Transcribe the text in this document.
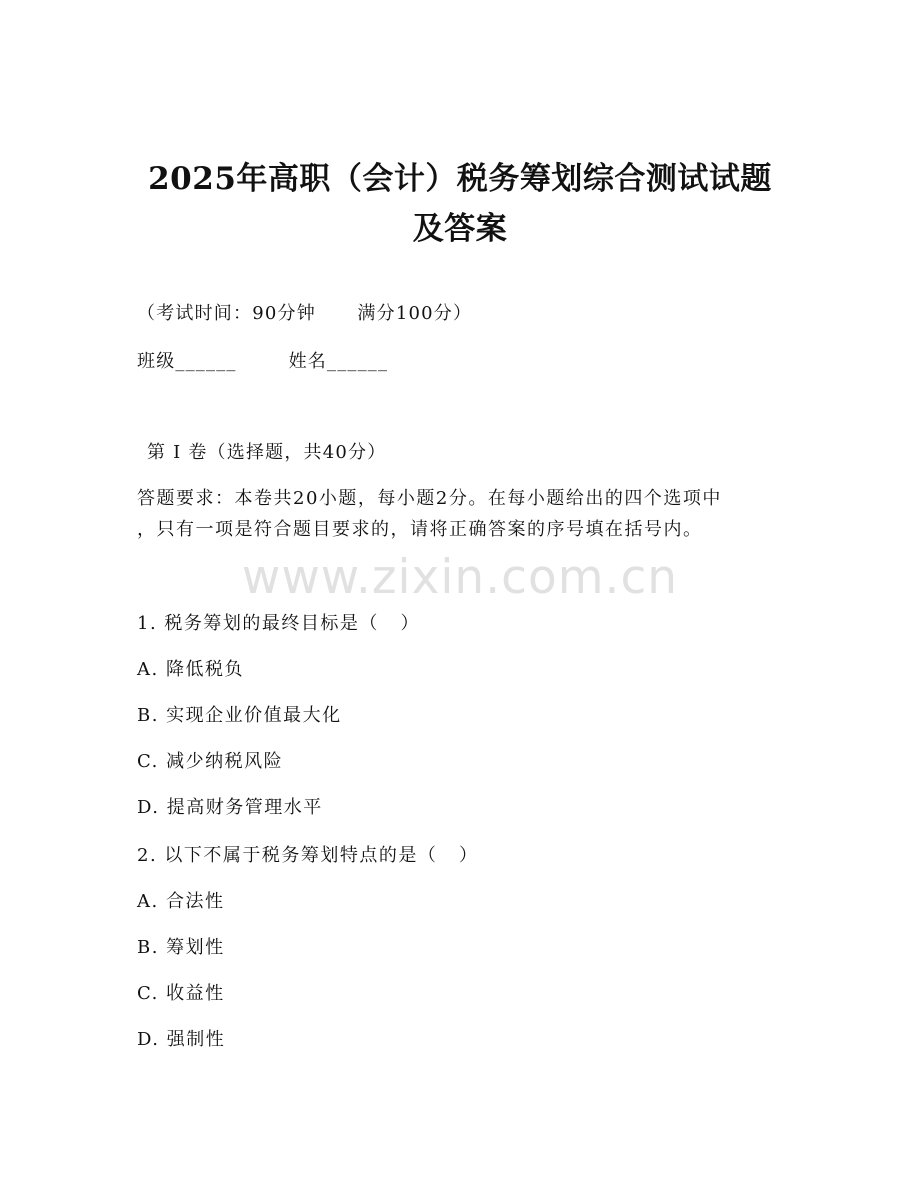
2025年高职（会计）税务筹划综合测试试题
及答案
（考试时间：90分钟      满分100分）
班级______	姓名______
第 I 卷（选择题，共40分）
答题要求：本卷共20小题，每小题2分。在每小题给出的四个选项中
，只有一项是符合题目要求的，请将正确答案的序号填在括号内。
www.zixin.com.cn
1. 税务筹划的最终目标是（   ）
A. 降低税负
B. 实现企业价值最大化
C. 减少纳税风险
D. 提高财务管理水平
2. 以下不属于税务筹划特点的是（   ）
A. 合法性
B. 筹划性
C. 收益性
D. 强制性
